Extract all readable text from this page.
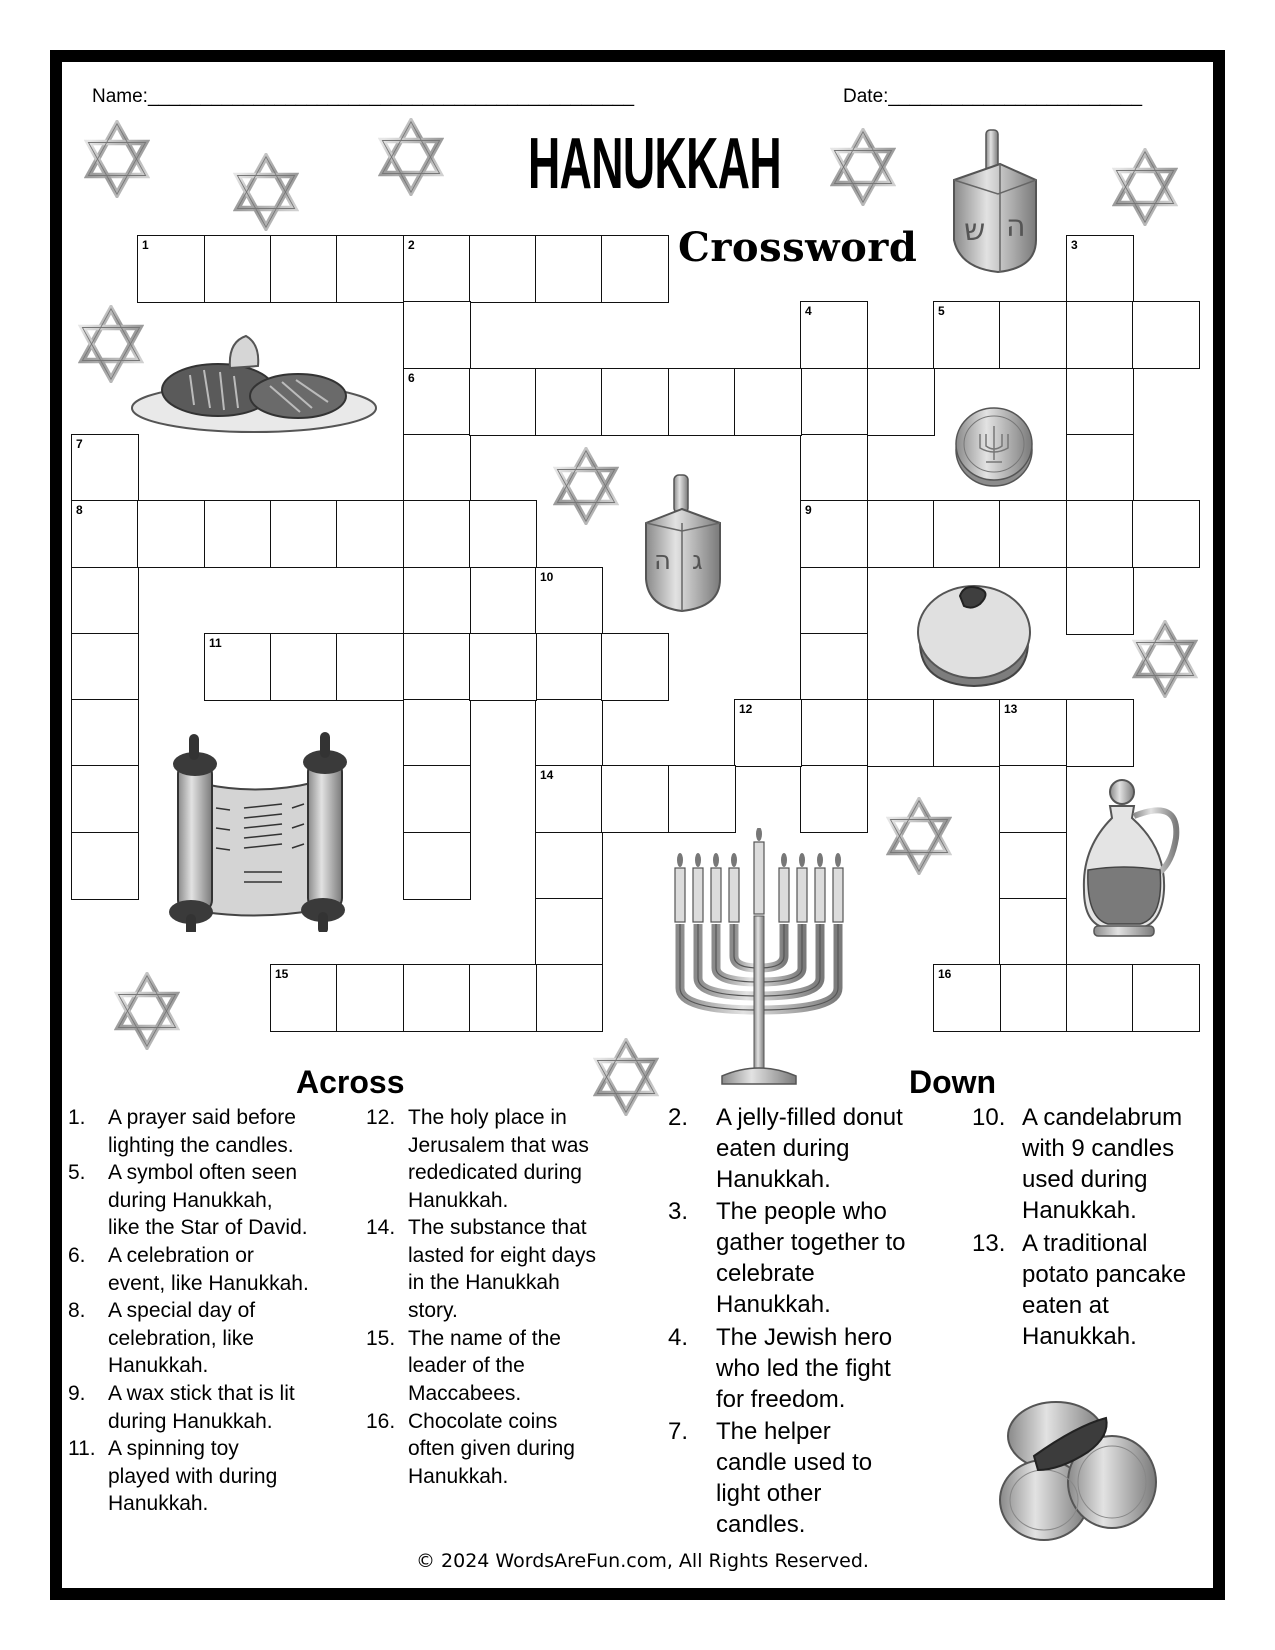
Name:______________________________________________	Date:________________________
HANUKKAH
Crossword ש ה
ה ג
1	2
6
3
4
9
5
7
8
10
14
11
12	13
15	16
Across	Down
1.	A prayer said before
lighting the candles.
5.	A symbol often seen
during Hanukkah,
like the Star of David.
6.	A celebration or
event, like Hanukkah.
8.	A special day of
celebration, like
Hanukkah.
9.	A wax stick that is lit
during Hanukkah.
11. A spinning toy
played with during
Hanukkah.
12. The holy place in
Jerusalem that was
rededicated during
Hanukkah.
14. The substance that
lasted for eight days
in the Hanukkah
story.
15. The name of the
leader of the
Maccabees.
16. Chocolate coins
often given during
Hanukkah.
2.	A jelly-filled donut
eaten during
Hanukkah.
3.	The people who
gather together to
celebrate
Hanukkah.
4.	The Jewish hero
who led the fight
for freedom.
7.	The helper
candle used to
light other
candles.
10. A candelabrum
with 9 candles
used during
Hanukkah.
13. A traditional
potato pancake
eaten at
Hanukkah.
© 2024 WordsAreFun.com, All Rights Reserved.
